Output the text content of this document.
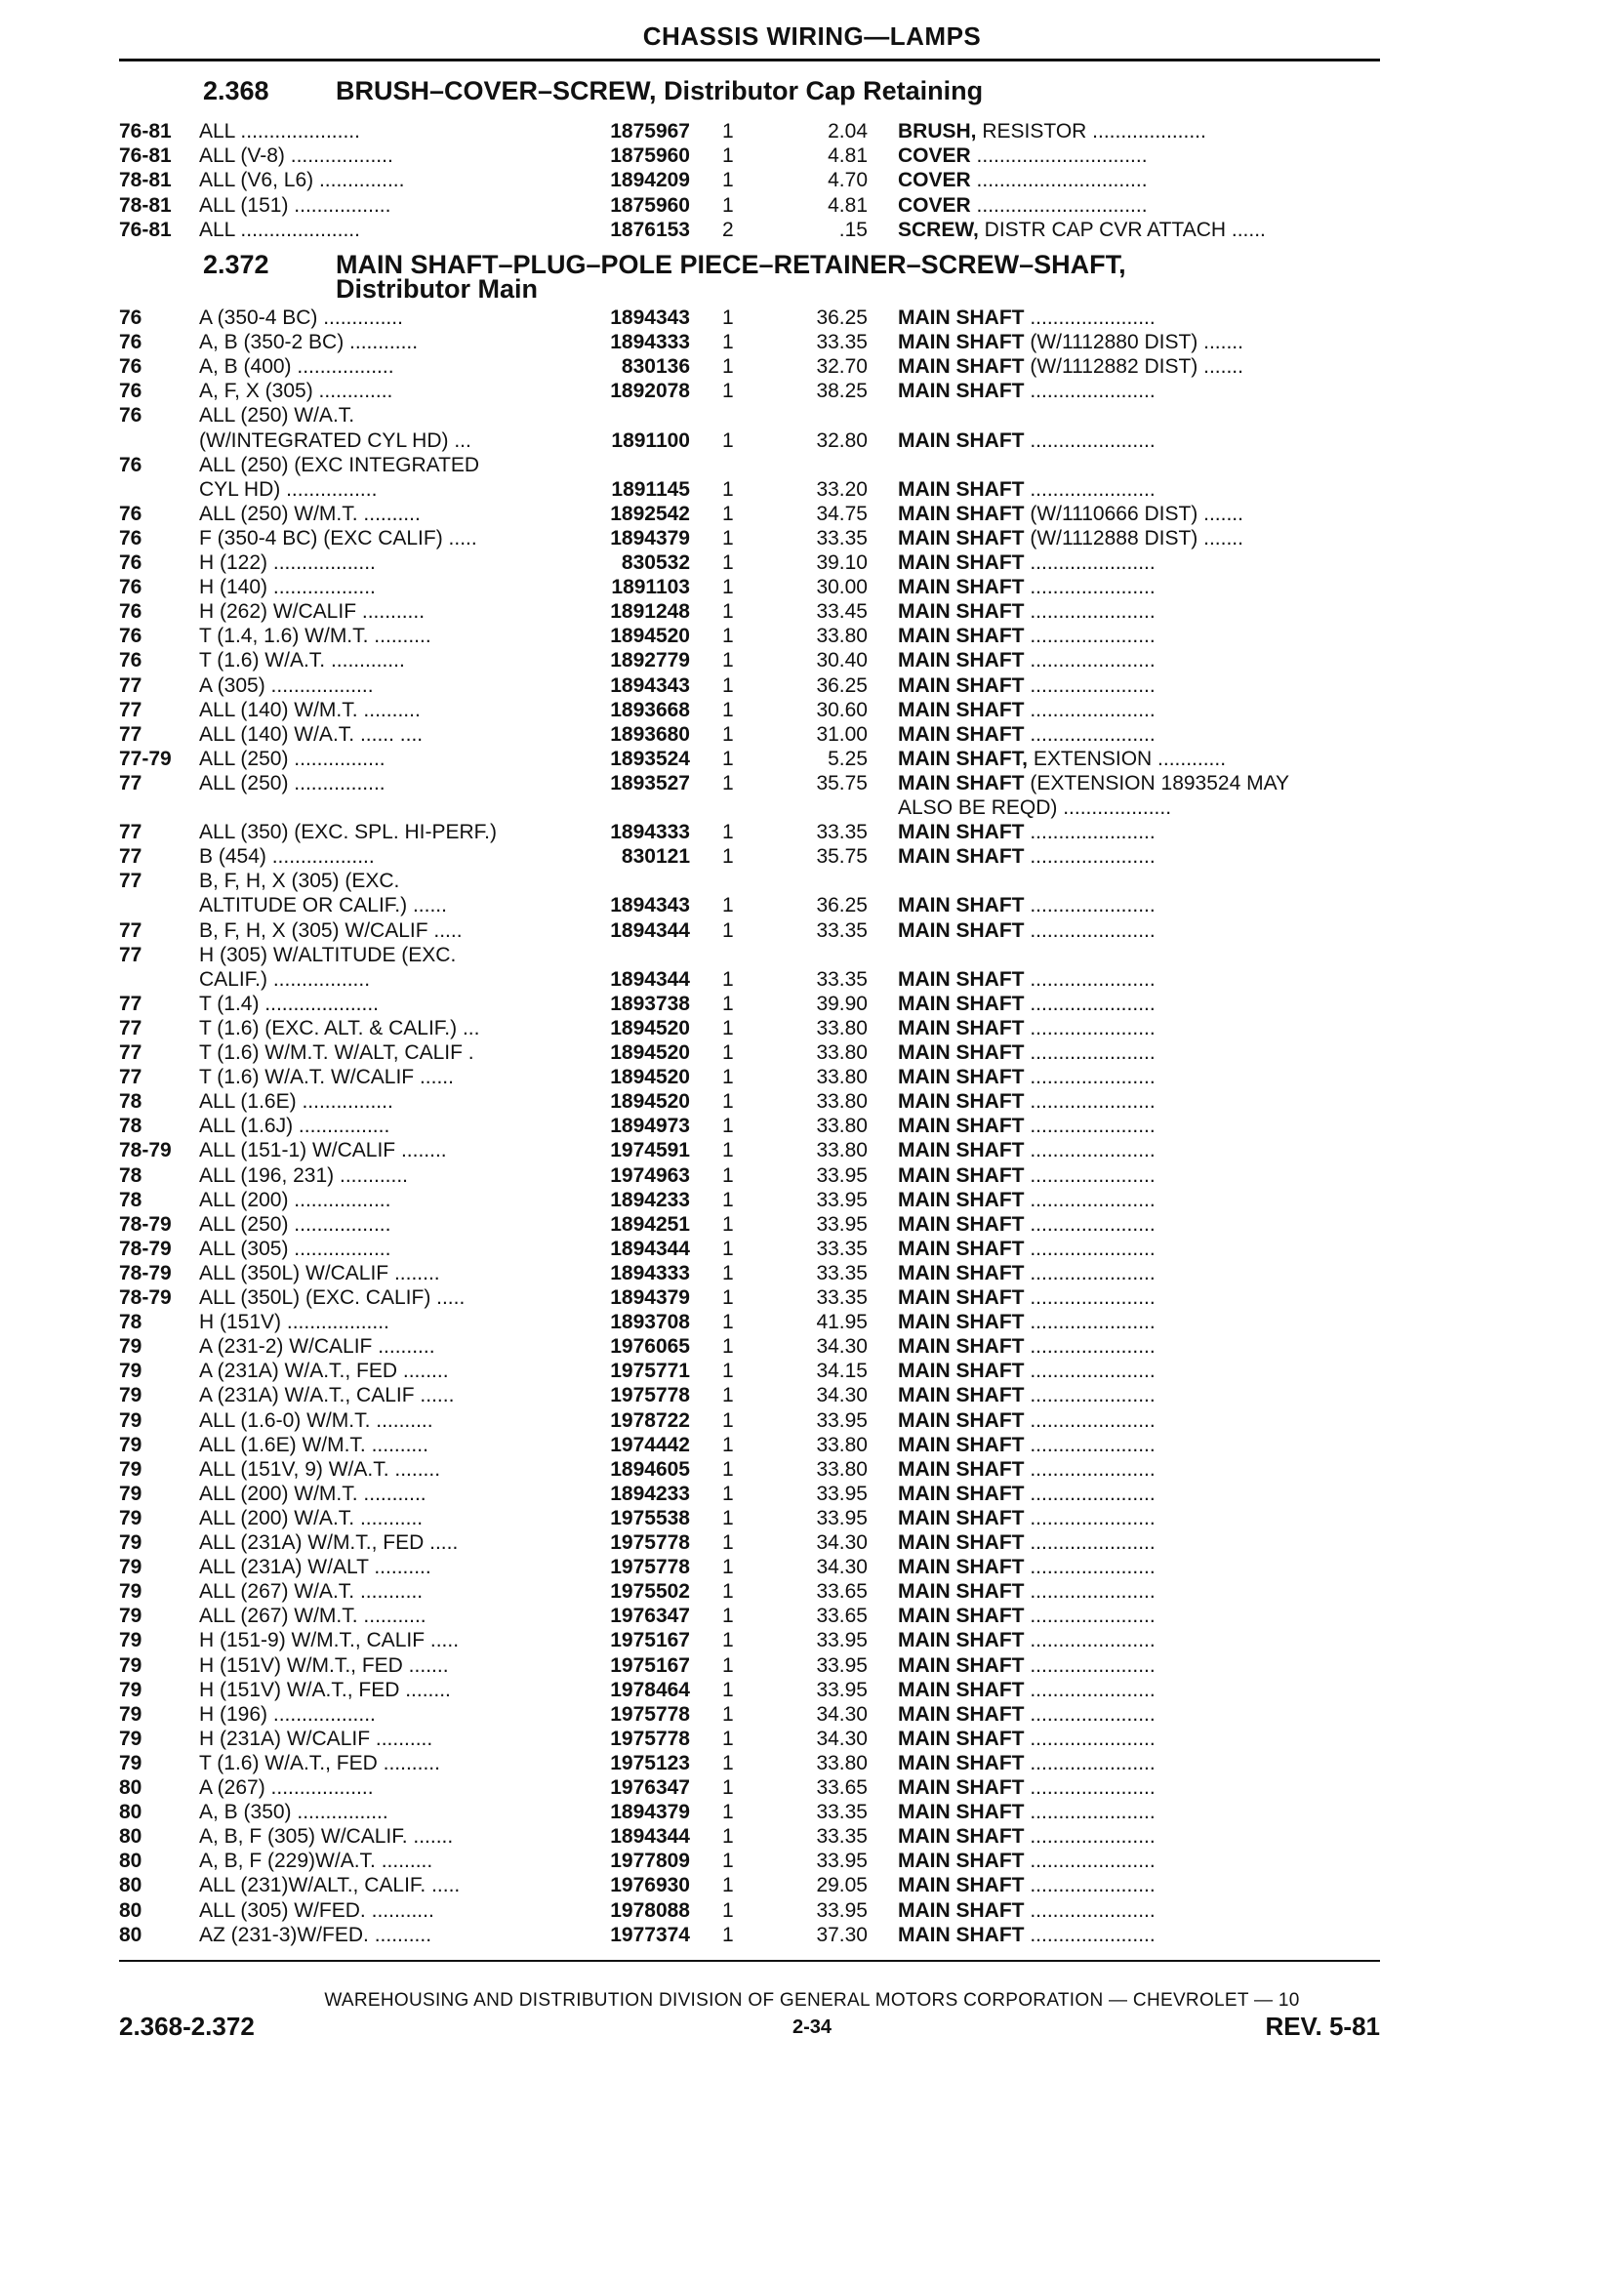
CHASSIS WIRING—LAMPS
2.368	BRUSH–COVER–SCREW, Distributor Cap Retaining
2.372	MAIN SHAFT–PLUG–POLE PIECE–RETAINER–SCREW–SHAFT,
Distributor Main
76-81 ALL .....................	1875967 1	2.04 BRUSH, RESISTOR ....................
76-81 ALL (V-8) ..................	1875960 1	4.81 COVER ..............................
78-81 ALL (V6, L6) ...............	1894209 1	4.70 COVER ..............................
78-81 ALL (151) .................	1875960 1	4.81 COVER ..............................
76-81 ALL .....................	1876153 2	.15 SCREW, DISTR CAP CVR ATTACH ......
76	A (350-4 BC) ..............	1894343 1	36.25 MAIN SHAFT ......................
76	A, B (350-2 BC) ............	1894333 1	33.35 MAIN SHAFT (W/1112880 DIST) .......
76	A, B (400) .................	830136 1	32.70 MAIN SHAFT (W/1112882 DIST) .......
76	A, F, X (305) .............	1892078 1	38.25 MAIN SHAFT ......................
76	ALL (250) W/A.T.
(W/INTEGRATED CYL HD) ...	1891100 1	32.80 MAIN SHAFT ......................
76	ALL (250) (EXC INTEGRATED
CYL HD) ................	1891145 1	33.20 MAIN SHAFT ......................
76	ALL (250) W/M.T. ..........	1892542 1	34.75 MAIN SHAFT (W/1110666 DIST) .......
76	F (350-4 BC) (EXC CALIF) .....	1894379 1	33.35 MAIN SHAFT (W/1112888 DIST) .......
76	H (122) ..................	830532 1	39.10 MAIN SHAFT ......................
76	H (140) ..................	1891103 1	30.00 MAIN SHAFT ......................
76	H (262) W/CALIF ...........	1891248 1	33.45 MAIN SHAFT ......................
76	T (1.4, 1.6) W/M.T. ..........	1894520 1	33.80 MAIN SHAFT ......................
76	T (1.6) W/A.T. .............	1892779 1	30.40 MAIN SHAFT ......................
77	A (305) ..................	1894343 1	36.25 MAIN SHAFT ......................
77	ALL (140) W/M.T. ..........	1893668 1	30.60 MAIN SHAFT ......................
77	ALL (140) W/A.T. ...... ....	1893680 1	31.00 MAIN SHAFT ......................
77-79 ALL (250) ................	1893524 1	5.25 MAIN SHAFT, EXTENSION ............
77	ALL (250) ................	1893527 1	35.75 MAIN SHAFT (EXTENSION 1893524 MAY
ALSO BE REQD) ...................
77	ALL (350) (EXC. SPL. HI-PERF.)	1894333 1	33.35 MAIN SHAFT ......................
77	B (454) ..................	830121 1	35.75 MAIN SHAFT ......................
77	B, F, H, X (305) (EXC.
ALTITUDE OR CALIF.) ......	1894343 1	36.25 MAIN SHAFT ......................
77	B, F, H, X (305) W/CALIF .....	1894344 1	33.35 MAIN SHAFT ......................
77	H (305) W/ALTITUDE (EXC.
CALIF.) .................	1894344 1	33.35 MAIN SHAFT ......................
77	T (1.4) ....................	1893738 1	39.90 MAIN SHAFT ......................
77	T (1.6) (EXC. ALT. & CALIF.) ...	1894520 1	33.80 MAIN SHAFT ......................
77	T (1.6) W/M.T. W/ALT, CALIF .	1894520 1	33.80 MAIN SHAFT ......................
77	T (1.6) W/A.T. W/CALIF ......	1894520 1	33.80 MAIN SHAFT ......................
78	ALL (1.6E) ................	1894520 1	33.80 MAIN SHAFT ......................
78	ALL (1.6J) ................	1894973 1	33.80 MAIN SHAFT ......................
78-79 ALL (151-1) W/CALIF ........	1974591 1	33.80 MAIN SHAFT ......................
78	ALL (196, 231) ............	1974963 1	33.95 MAIN SHAFT ......................
78	ALL (200) .................	1894233 1	33.95 MAIN SHAFT ......................
78-79 ALL (250) .................	1894251 1	33.95 MAIN SHAFT ......................
78-79 ALL (305) .................	1894344 1	33.35 MAIN SHAFT ......................
78-79 ALL (350L) W/CALIF ........	1894333 1	33.35 MAIN SHAFT ......................
78-79 ALL (350L) (EXC. CALIF) .....	1894379 1	33.35 MAIN SHAFT ......................
78	H (151V) ..................	1893708 1	41.95 MAIN SHAFT ......................
79	A (231-2) W/CALIF ..........	1976065 1	34.30 MAIN SHAFT ......................
79	A (231A) W/A.T., FED ........	1975771 1	34.15 MAIN SHAFT ......................
79	A (231A) W/A.T., CALIF ......	1975778 1	34.30 MAIN SHAFT ......................
79	ALL (1.6-0) W/M.T. ..........	1978722 1	33.95 MAIN SHAFT ......................
79	ALL (1.6E) W/M.T. ..........	1974442 1	33.80 MAIN SHAFT ......................
79	ALL (151V, 9) W/A.T. ........	1894605 1	33.80 MAIN SHAFT ......................
79	ALL (200) W/M.T. ...........	1894233 1	33.95 MAIN SHAFT ......................
79	ALL (200) W/A.T. ...........	1975538 1	33.95 MAIN SHAFT ......................
79	ALL (231A) W/M.T., FED .....	1975778 1	34.30 MAIN SHAFT ......................
79	ALL (231A) W/ALT ..........	1975778 1	34.30 MAIN SHAFT ......................
79	ALL (267) W/A.T. ...........	1975502 1	33.65 MAIN SHAFT ......................
79	ALL (267) W/M.T. ...........	1976347 1	33.65 MAIN SHAFT ......................
79	H (151-9) W/M.T., CALIF .....	1975167 1	33.95 MAIN SHAFT ......................
79	H (151V) W/M.T., FED .......	1975167 1	33.95 MAIN SHAFT ......................
79	H (151V) W/A.T., FED ........	1978464 1	33.95 MAIN SHAFT ......................
79	H (196) ..................	1975778 1	34.30 MAIN SHAFT ......................
79	H (231A) W/CALIF ..........	1975778 1	34.30 MAIN SHAFT ......................
79	T (1.6) W/A.T., FED ..........	1975123 1	33.80 MAIN SHAFT ......................
80	A (267) ..................	1976347 1	33.65 MAIN SHAFT ......................
80	A, B (350) ................	1894379 1	33.35 MAIN SHAFT ......................
80	A, B, F (305) W/CALIF. .......	1894344 1	33.35 MAIN SHAFT ......................
80	A, B, F (229)W/A.T. .........	1977809 1	33.95 MAIN SHAFT ......................
80	ALL (231)W/ALT., CALIF. .....	1976930 1	29.05 MAIN SHAFT ......................
80	ALL (305) W/FED. ...........	1978088 1	33.95 MAIN SHAFT ......................
80	AZ (231-3)W/FED. ..........	1977374 1	37.30 MAIN SHAFT ......................
WAREHOUSING AND DISTRIBUTION DIVISION OF GENERAL MOTORS CORPORATION — CHEVROLET — 10
2.368-2.372	2-34	REV. 5-81
